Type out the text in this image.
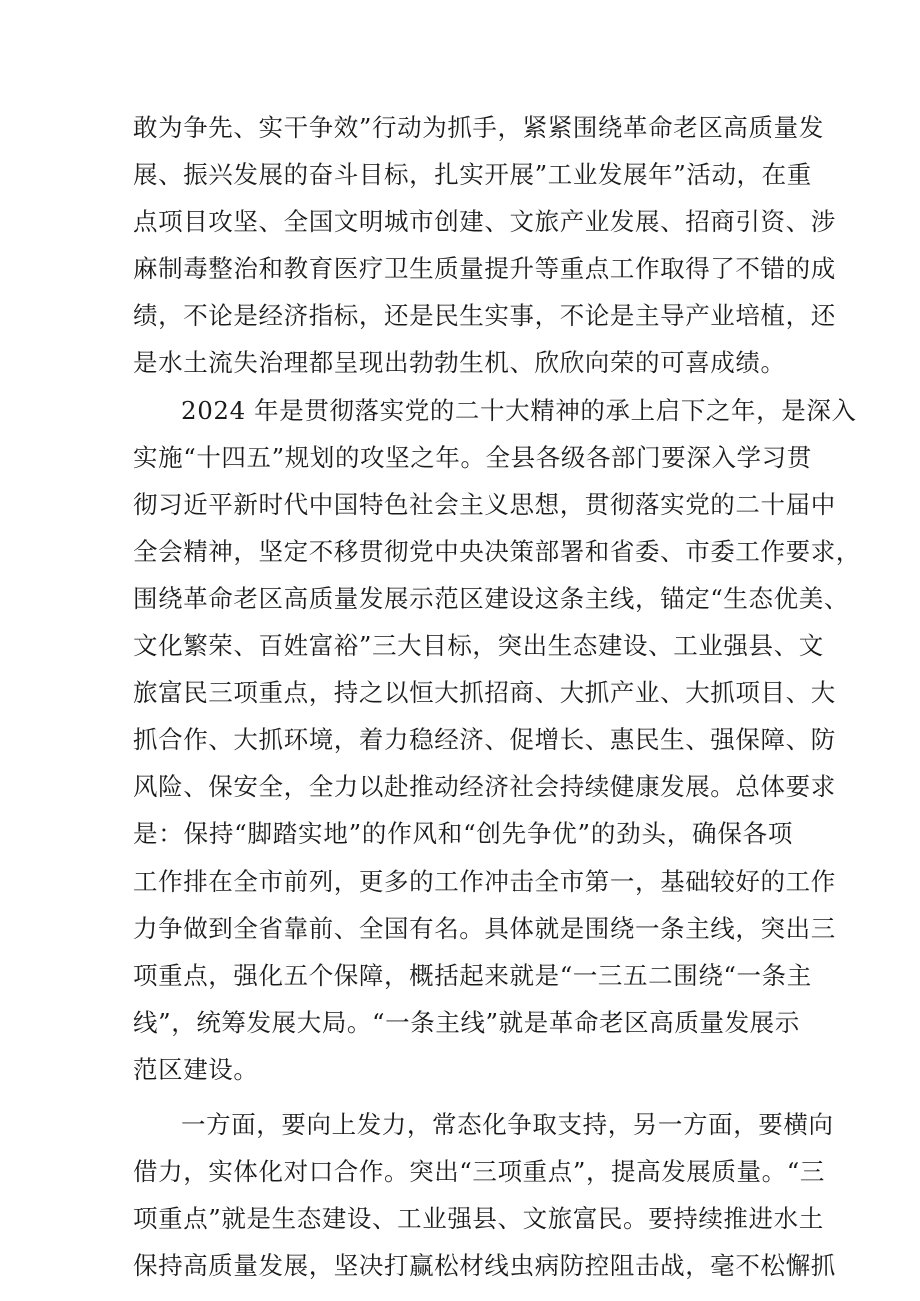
敢为争先、实干争效”行动为抓手，紧紧围绕革命老区高质量发
展、振兴发展的奋斗目标，扎实开展”工业发展年”活动，在重
点项目攻坚、全国文明城市创建、文旅产业发展、招商引资、涉
麻制毒整治和教育医疗卫生质量提升等重点工作取得了不错的成
绩，不论是经济指标，还是民生实事，不论是主导产业培植，还
是水土流失治理都呈现出勃勃生机、欣欣向荣的可喜成绩。
2024 年是贯彻落实党的二十大精神的承上启下之年，是深入
实施“十四五”规划的攻坚之年。全县各级各部门要深入学习贯
彻习近平新时代中国特色社会主义思想，贯彻落实党的二十届中
全会精神，坚定不移贯彻党中央决策部署和省委、市委工作要求，
围绕革命老区高质量发展示范区建设这条主线，锚定“生态优美、
文化繁荣、百姓富裕”三大目标，突出生态建设、工业强县、文
旅富民三项重点，持之以恒大抓招商、大抓产业、大抓项目、大
抓合作、大抓环境，着力稳经济、促增长、惠民生、强保障、防
风险、保安全，全力以赴推动经济社会持续健康发展。总体要求
是：保持“脚踏实地”的作风和“创先争优”的劲头，确保各项
工作排在全市前列，更多的工作冲击全市第一，基础较好的工作
力争做到全省靠前、全国有名。具体就是围绕一条主线，突出三
项重点，强化五个保障，概括起来就是“一三五二围绕“一条主
线”，统筹发展大局。“一条主线”就是革命老区高质量发展示
范区建设。
一方面，要向上发力，常态化争取支持，另一方面，要横向
借力，实体化对口合作。突出“三项重点”，提高发展质量。“三
项重点”就是生态建设、工业强县、文旅富民。要持续推进水土
保持高质量发展，坚决打赢松材线虫病防控阻击战，毫不松懈抓
